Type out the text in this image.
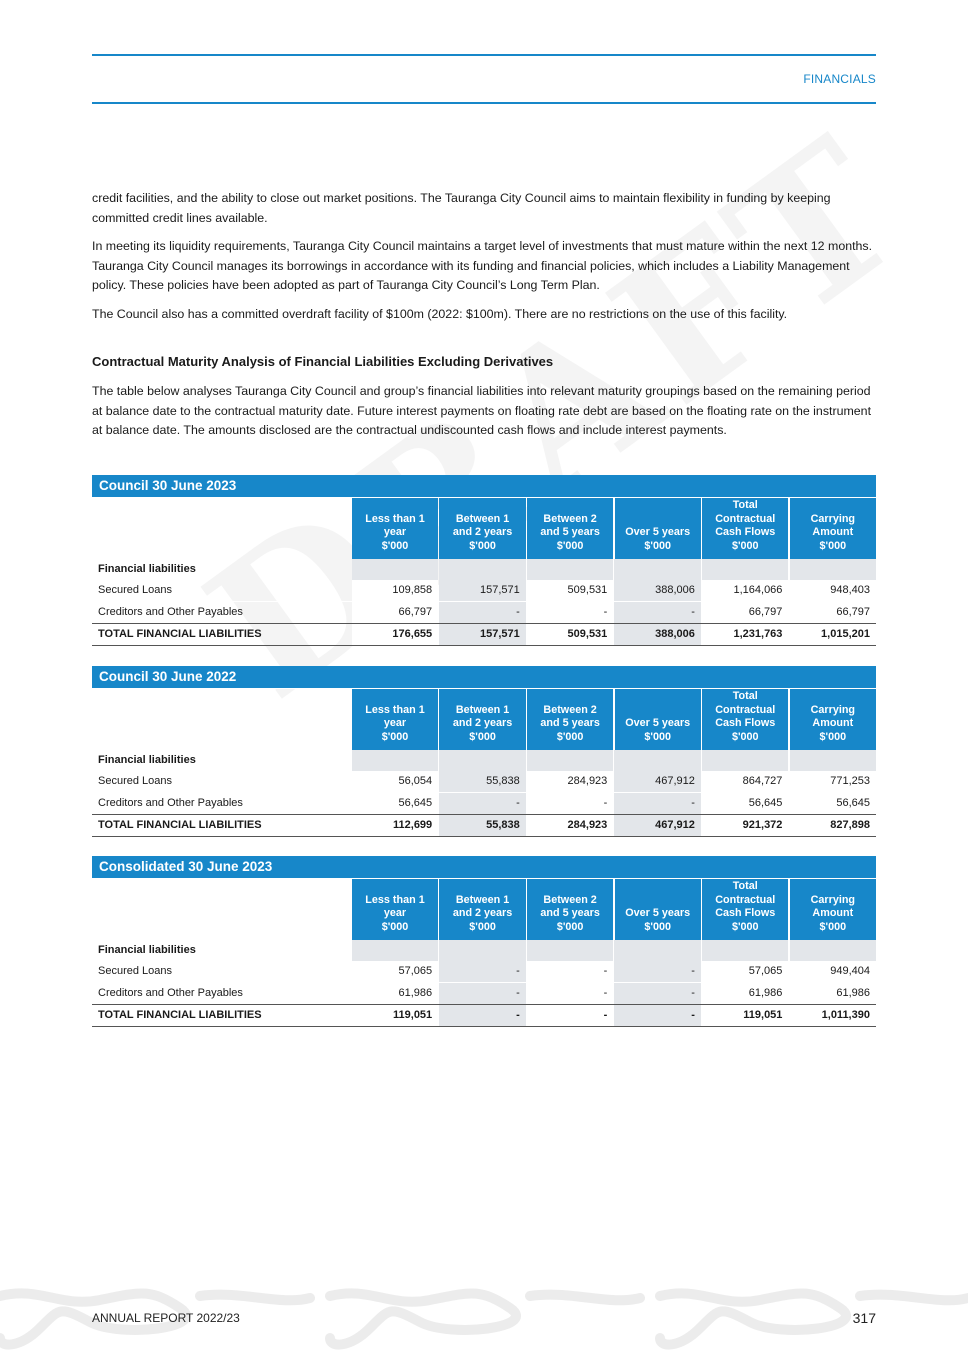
FINANCIALS

credit facilities, and the ability to close out market positions. The Tauranga City Council aims to maintain flexibility in funding by keeping committed credit lines available.

In meeting its liquidity requirements, Tauranga City Council maintains a target level of investments that must mature within the next 12 months. Tauranga City Council manages its borrowings in accordance with its funding and financial policies, which includes a Liability Management policy. These policies have been adopted as part of Tauranga City Council’s Long Term Plan.

The Council also has a committed overdraft facility of $100m (2022: $100m). There are no restrictions on the use of this facility.

Contractual Maturity Analysis of Financial Liabilities Excluding Derivatives
The table below analyses Tauranga City Council and group’s financial liabilities into relevant maturity groupings based on the remaining period at balance date to the contractual maturity date. Future interest payments on floating rate debt are based on the floating rate on the instrument at balance date. The amounts disclosed are the contractual undiscounted cash flows and include interest payments.
Council 30 June 2023
Less than 1
year
$'000
Between 1
and 2 years
$'000
Between 2
and 5 years
$'000
Over 5 years
$'000
Total
Contractual
Cash Flows
$'000
Carrying
Amount
$'000
Financial liabilities
Secured Loans	109,858	157,571	509,531	388,006	1,164,066	948,403
Creditors and Other Payables	66,797	-	-	-	66,797	66,797
TOTAL FINANCIAL LIABILITIES	176,655	157,571	509,531	388,006	1,231,763	1,015,201
Council 30 June 2022
Less than 1
year
$'000
Between 1
and 2 years
$'000
Between 2
and 5 years
$'000
Over 5 years
$'000
Total
Contractual
Cash Flows
$'000
Carrying
Amount
$'000
Financial liabilities
Secured Loans	56,054	55,838	284,923	467,912	864,727	771,253
Creditors and Other Payables	56,645	-	-	-	56,645	56,645
TOTAL FINANCIAL LIABILITIES	112,699	55,838	284,923	467,912	921,372	827,898
Consolidated 30 June 2023
Less than 1
year
$'000
Between 1
and 2 years
$'000
Between 2
and 5 years
$'000
Over 5 years
$'000
Total
Contractual
Cash Flows
$'000
Carrying
Amount
$'000
Financial liabilities
Secured Loans	57,065	-	-	-	57,065	949,404
Creditors and Other Payables	61,986	-	-	-	61,986	61,986
TOTAL FINANCIAL LIABILITIES	119,051	-	-	-	119,051	1,011,390
ANNUAL REPORT 2022/23	317
